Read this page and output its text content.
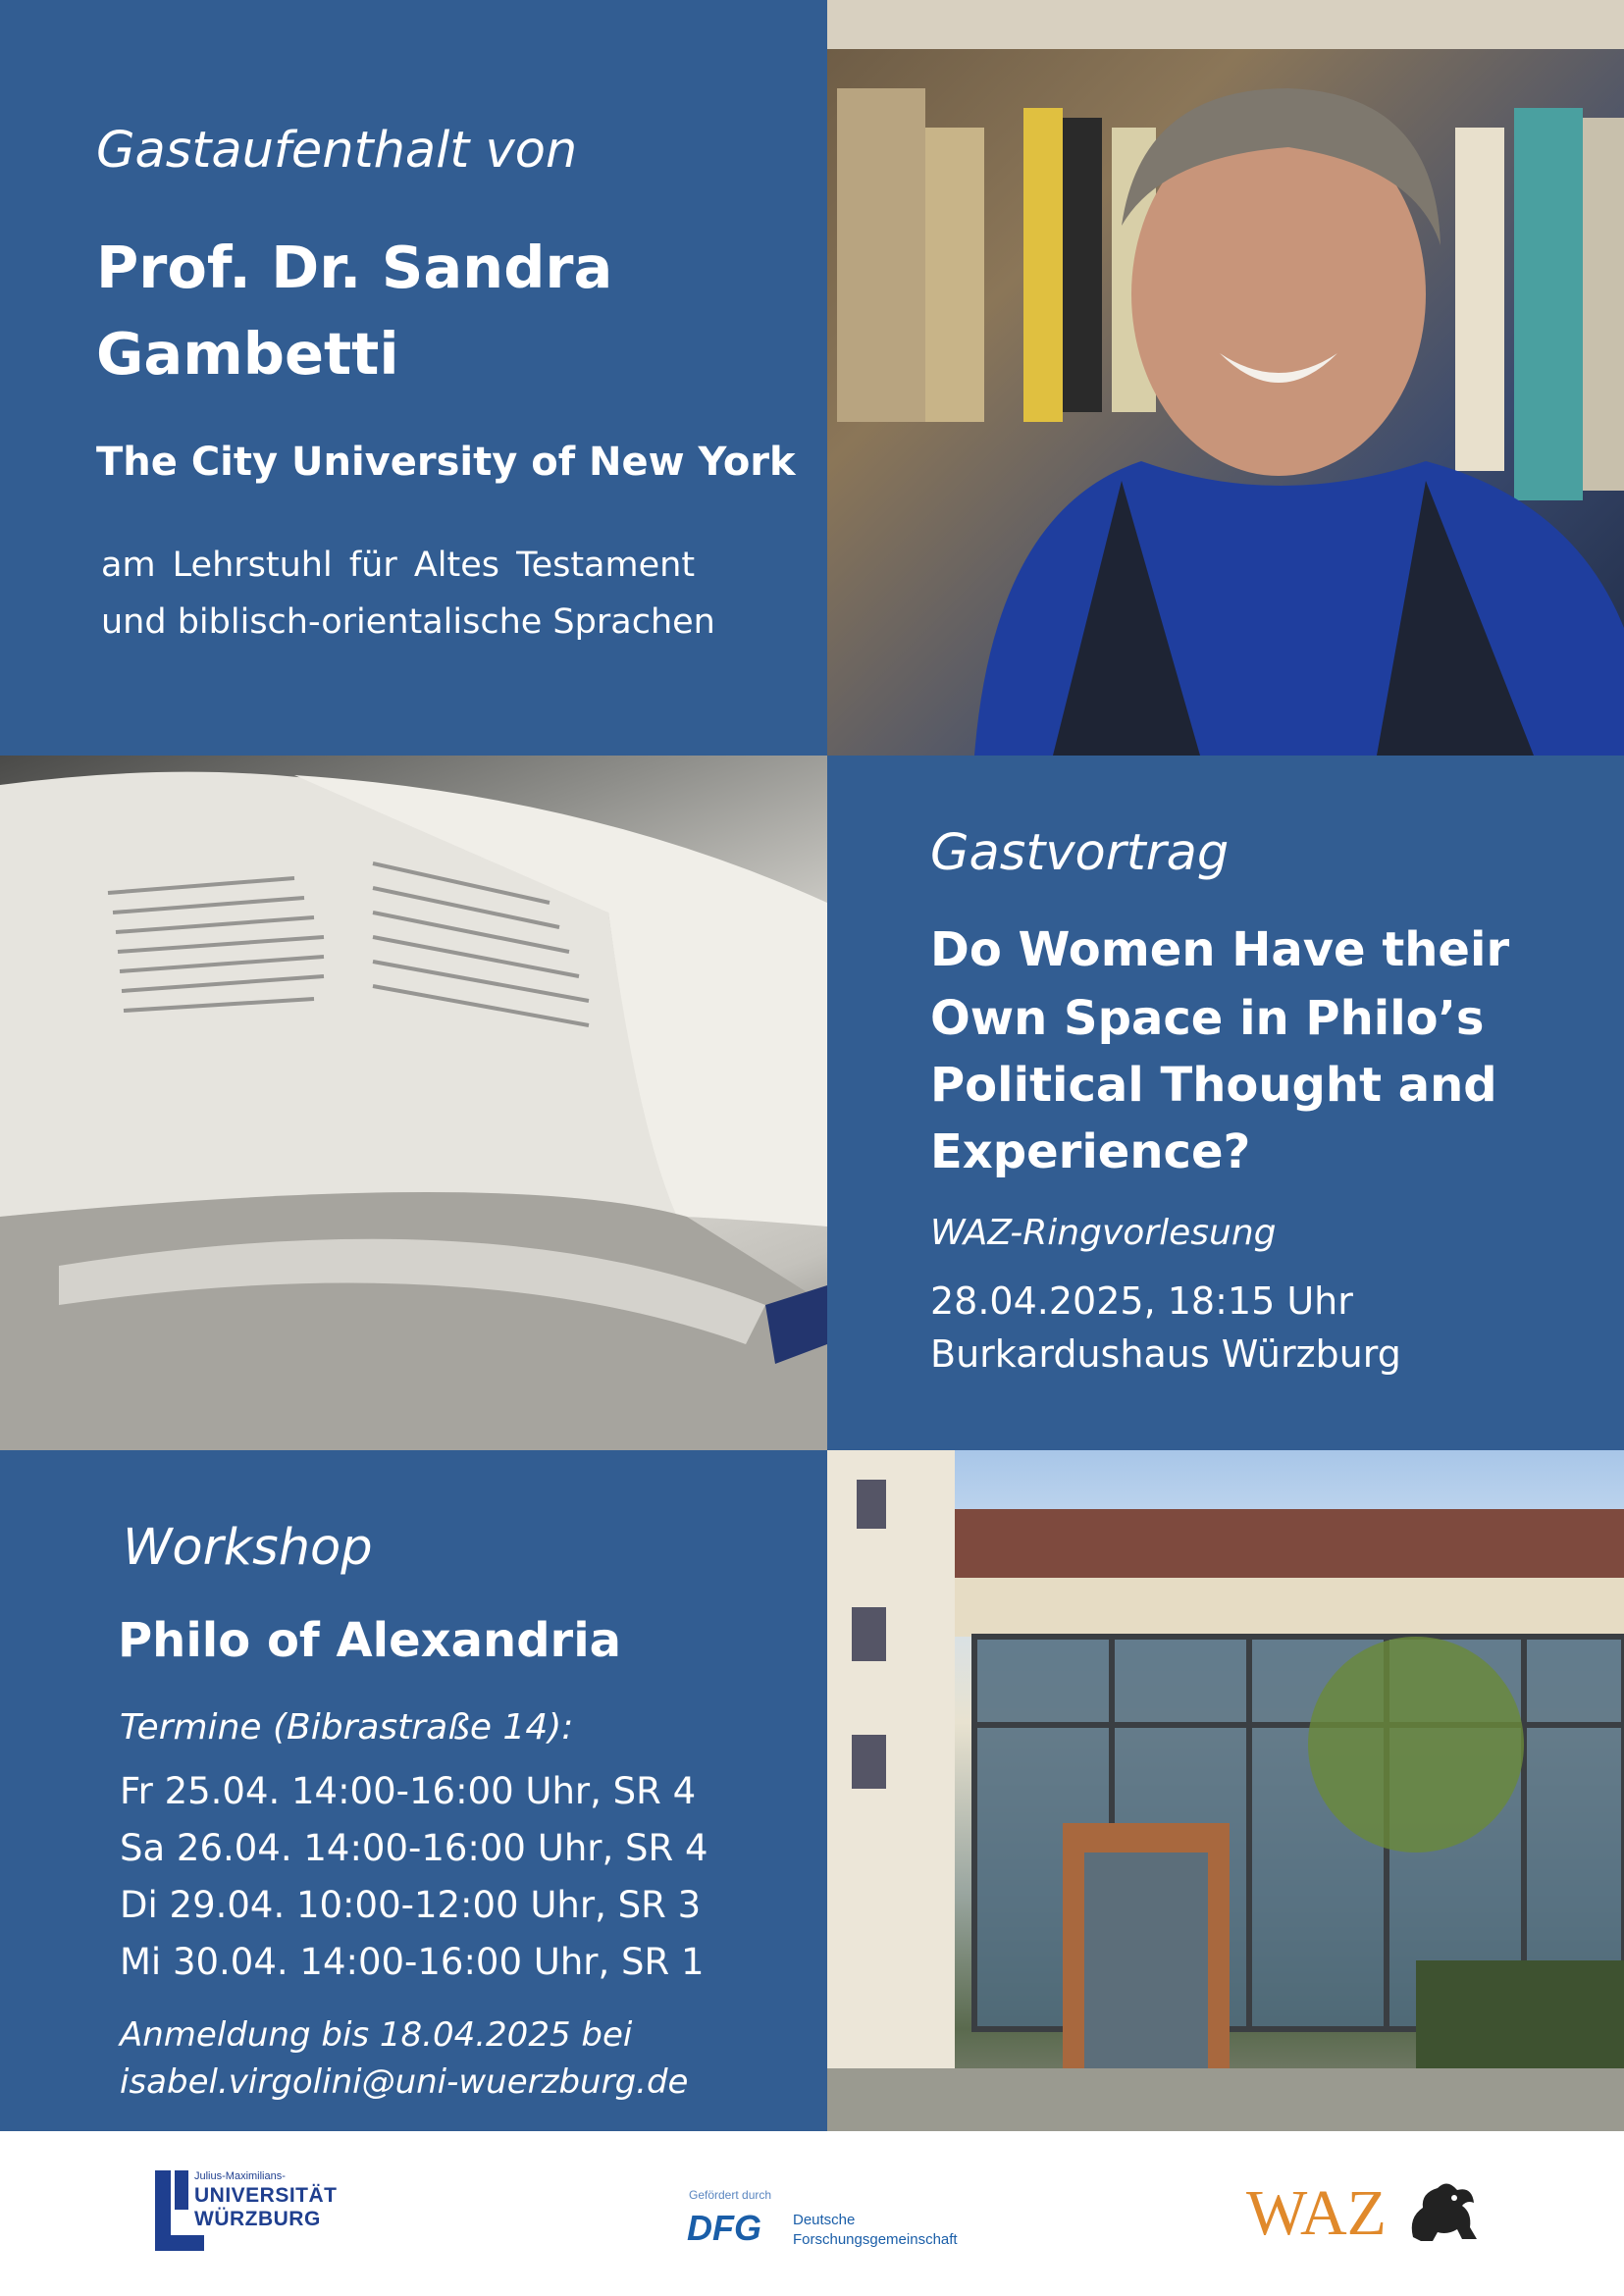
Gastaufenthalt von
Prof. Dr. Sandra
Gambetti
The City University of New York
am Lehrstuhl für Altes Testament
und biblisch-orientalische Sprachen
Gastvortrag
Do Women Have their
Own Space in Philo’s
Political Thought and
Experience?
WAZ-Ringvorlesung
28.04.2025, 18:15 Uhr
Burkardushaus Würzburg
Workshop
Philo of Alexandria
Termine (Bibrastraße 14):
Fr 25.04. 14:00-16:00 Uhr, SR 4
Sa 26.04. 14:00-16:00 Uhr, SR 4
Di 29.04. 10:00-12:00 Uhr, SR 3
Mi 30.04. 14:00-16:00 Uhr, SR 1
Anmeldung bis 18.04.2025 bei
isabel.virgolini@uni-wuerzburg.de
Julius-Maximilians-
UNIVERSITÄT
WÜRZBURG
Gefördert durch
DFG Deutsche
Forschungsgemeinschaft	WAZ
